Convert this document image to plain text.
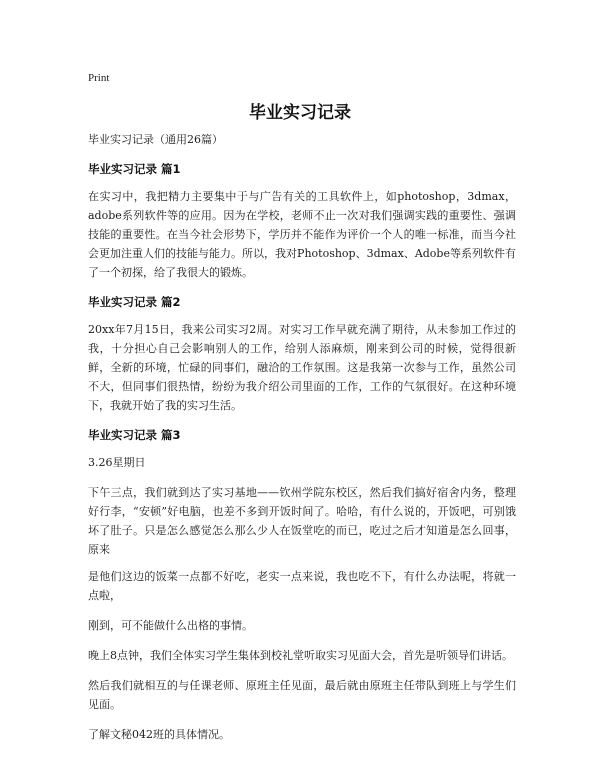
Print
毕业实习记录
毕业实习记录（通用26篇）
毕业实习记录 篇1
在实习中，我把精力主要集中于与广告有关的工具软件上，如photoshop，3dmax，adobe系列软件等的应用。因为在学校，老师不止一次对我们强调实践的重要性、强调技能的重要性。在当今社会形势下，学历并不能作为评价一个人的唯一标准，而当今社会更加注重人们的技能与能力。所以，我对Photoshop、3dmax、Adobe等系列软件有了一个初探，给了我很大的锻炼。
毕业实习记录 篇2
20xx年7月15日，我来公司实习2周。对实习工作早就充满了期待，从未参加工作过的我，十分担心自己会影响别人的工作，给别人添麻烦，刚来到公司的时候，觉得很新鲜，全新的环境，忙碌的同事们，融洽的工作氛围。这是我第一次参与工作，虽然公司不大，但同事们很热情，纷纷为我介绍公司里面的工作，工作的气氛很好。在这种环境下，我就开始了我的实习生活。
毕业实习记录 篇3
3.26星期日
下午三点，我们就到达了实习基地——钦州学院东校区，然后我们搞好宿舍内务，整理好行李，“安顿”好电脑，也差不多到开饭时间了。哈哈，有什么说的，开饭吧，可别饿坏了肚子。只是怎么感觉怎么那么少人在饭堂吃的而已，吃过之后才知道是怎么回事，原来
是他们这边的饭菜一点都不好吃，老实一点来说，我也吃不下，有什么办法呢，将就一点啦，
刚到，可不能做什么出格的事情。
晚上8点钟，我们全体实习学生集体到校礼堂听取实习见面大会，首先是听领导们讲话。
然后我们就相互的与任课老师、原班主任见面，最后就由原班主任带队到班上与学生们见面。
了解文秘042班的具体情况。
